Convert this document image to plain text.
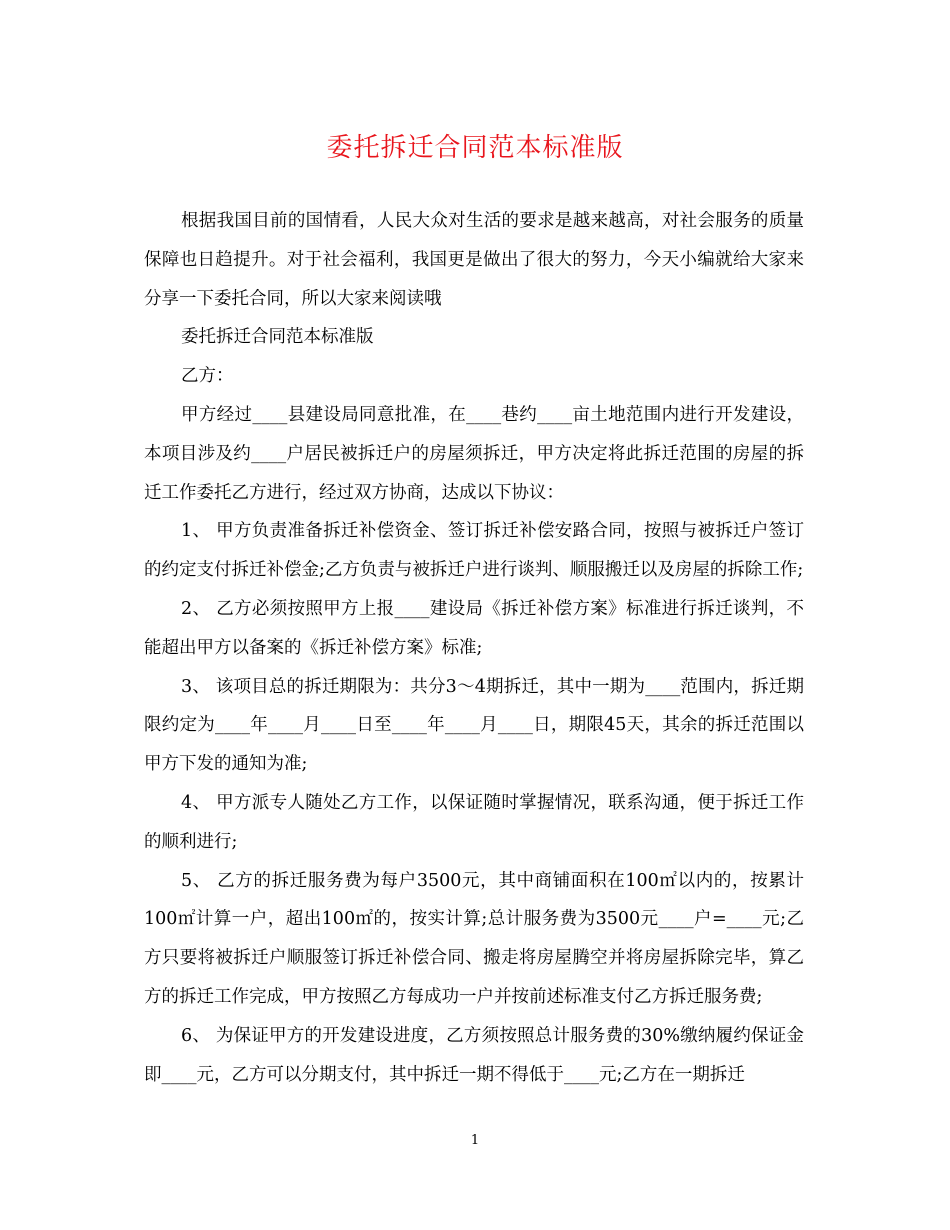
委托拆迁合同范本标准版

根据我国目前的国情看，人民大众对生活的要求是越来越高，对社会服务的质量保障也日趋提升。对于社会福利，我国更是做出了很大的努力，今天小编就给大家来分享一下委托合同，所以大家来阅读哦

委托拆迁合同范本标准版

乙方：

甲方经过____县建设局同意批准，在____巷约____亩土地范围内进行开发建设，本项目涉及约____户居民被拆迁户的房屋须拆迁，甲方决定将此拆迁范围的房屋的拆迁工作委托乙方进行，经过双方协商，达成以下协议：

1、 甲方负责准备拆迁补偿资金、签订拆迁补偿安路合同，按照与被拆迁户签订的约定支付拆迁补偿金;乙方负责与被拆迁户进行谈判、顺服搬迁以及房屋的拆除工作;

2、 乙方必须按照甲方上报____建设局《拆迁补偿方案》标准进行拆迁谈判，不能超出甲方以备案的《拆迁补偿方案》标准;

3、 该项目总的拆迁期限为：共分3～4期拆迁，其中一期为____范围内，拆迁期限约定为____年____月____日至____年____月____日，期限45天，其余的拆迁范围以甲方下发的通知为准;

4、 甲方派专人随处乙方工作，以保证随时掌握情况，联系沟通，便于拆迁工作的顺利进行;

5、 乙方的拆迁服务费为每户3500元，其中商铺面积在100㎡以内的，按累计100㎡计算一户，超出100㎡的，按实计算;总计服务费为3500元____户=____元;乙方只要将被拆迁户顺服签订拆迁补偿合同、搬走将房屋腾空并将房屋拆除完毕，算乙方的拆迁工作完成，甲方按照乙方每成功一户并按前述标准支付乙方拆迁服务费;

6、 为保证甲方的开发建设进度，乙方须按照总计服务费的30%缴纳履约保证金即____元，乙方可以分期支付，其中拆迁一期不得低于____元;乙方在一期拆迁

1
